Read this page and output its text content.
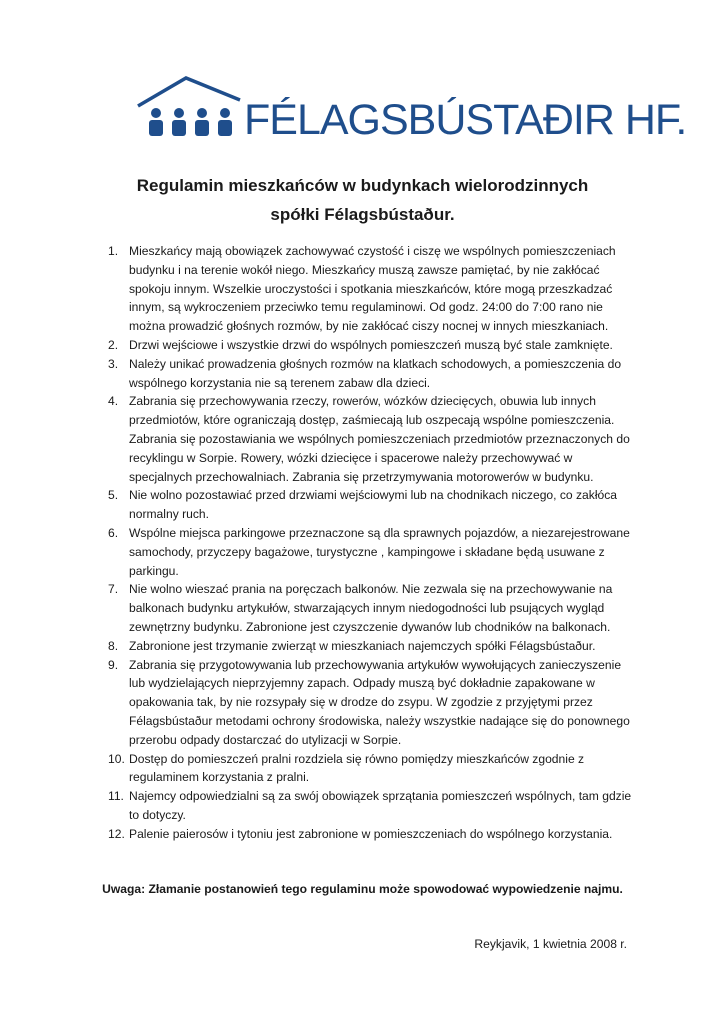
FÉLAGSBÚSTAÐIR HF.
Regulamin mieszkańców w budynkach wielorodzinnych
spółki Félagsbústaður.
1. Mieszkańcy mają obowiązek zachowywać czystość i ciszę we wspólnych pomieszczeniach
budynku i na terenie wokół niego. Mieszkańcy muszą zawsze pamiętać, by nie zakłócać
spokoju innym. Wszelkie uroczystości i spotkania mieszkańców, które mogą przeszkadzać
innym, są wykroczeniem przeciwko temu regulaminowi. Od godz. 24:00 do 7:00 rano nie
można prowadzić głośnych rozmów, by nie zakłócać ciszy nocnej w innych mieszkaniach.
2. Drzwi wejściowe i wszystkie drzwi do wspólnych pomieszczeń muszą być stale zamknięte.
3. Należy unikać prowadzenia głośnych rozmów na klatkach schodowych, a pomieszczenia do
wspólnego korzystania nie są terenem zabaw dla dzieci.
4. Zabrania się przechowywania rzeczy, rowerów, wózków dziecięcych, obuwia lub innych
przedmiotów, które ograniczają dostęp, zaśmiecają lub oszpecają wspólne pomieszczenia.
Zabrania się pozostawiania we wspólnych pomieszczeniach przedmiotów przeznaczonych do
recyklingu w Sorpie. Rowery, wózki dziecięce i spacerowe należy przechowywać w
specjalnych przechowalniach. Zabrania się przetrzymywania motorowerów w budynku.
5. Nie wolno pozostawiać przed drzwiami wejściowymi lub na chodnikach niczego, co zakłóca
normalny ruch.
6. Wspólne miejsca parkingowe przeznaczone są dla sprawnych pojazdów, a niezarejestrowane
samochody, przyczepy bagażowe, turystyczne , kampingowe i składane będą usuwane z
parkingu.
7. Nie wolno wieszać prania na poręczach balkonów. Nie zezwala się na przechowywanie na
balkonach budynku artykułów, stwarzających innym niedogodności lub psujących wygląd
zewnętrzny budynku. Zabronione jest czyszczenie dywanów lub chodników na balkonach.
8. Zabronione jest trzymanie zwierząt w mieszkaniach najemczych spółki Félagsbústaður.
9. Zabrania się przygotowywania lub przechowywania artykułów wywołujących zanieczyszenie
lub wydzielających nieprzyjemny zapach. Odpady muszą być dokładnie zapakowane w
opakowania tak, by nie rozsypały się w drodze do zsypu. W zgodzie z przyjętymi przez
Félagsbústaður metodami ochrony środowiska, należy wszystkie nadające się do ponownego
przerobu odpady dostarczać do utylizacji w Sorpie.
10. Dostęp do pomieszczeń pralni rozdziela się równo pomiędzy mieszkańców zgodnie z
regulaminem korzystania z pralni.
11. Najemcy odpowiedzialni są za swój obowiązek sprzątania pomieszczeń wspólnych, tam gdzie
to dotyczy.
12. Palenie paierosów i tytoniu jest zabronione w pomieszczeniach do wspólnego korzystania.
Uwaga: Złamanie postanowień tego regulaminu może spowodować wypowiedzenie najmu.
Reykjavik, 1 kwietnia 2008 r.
